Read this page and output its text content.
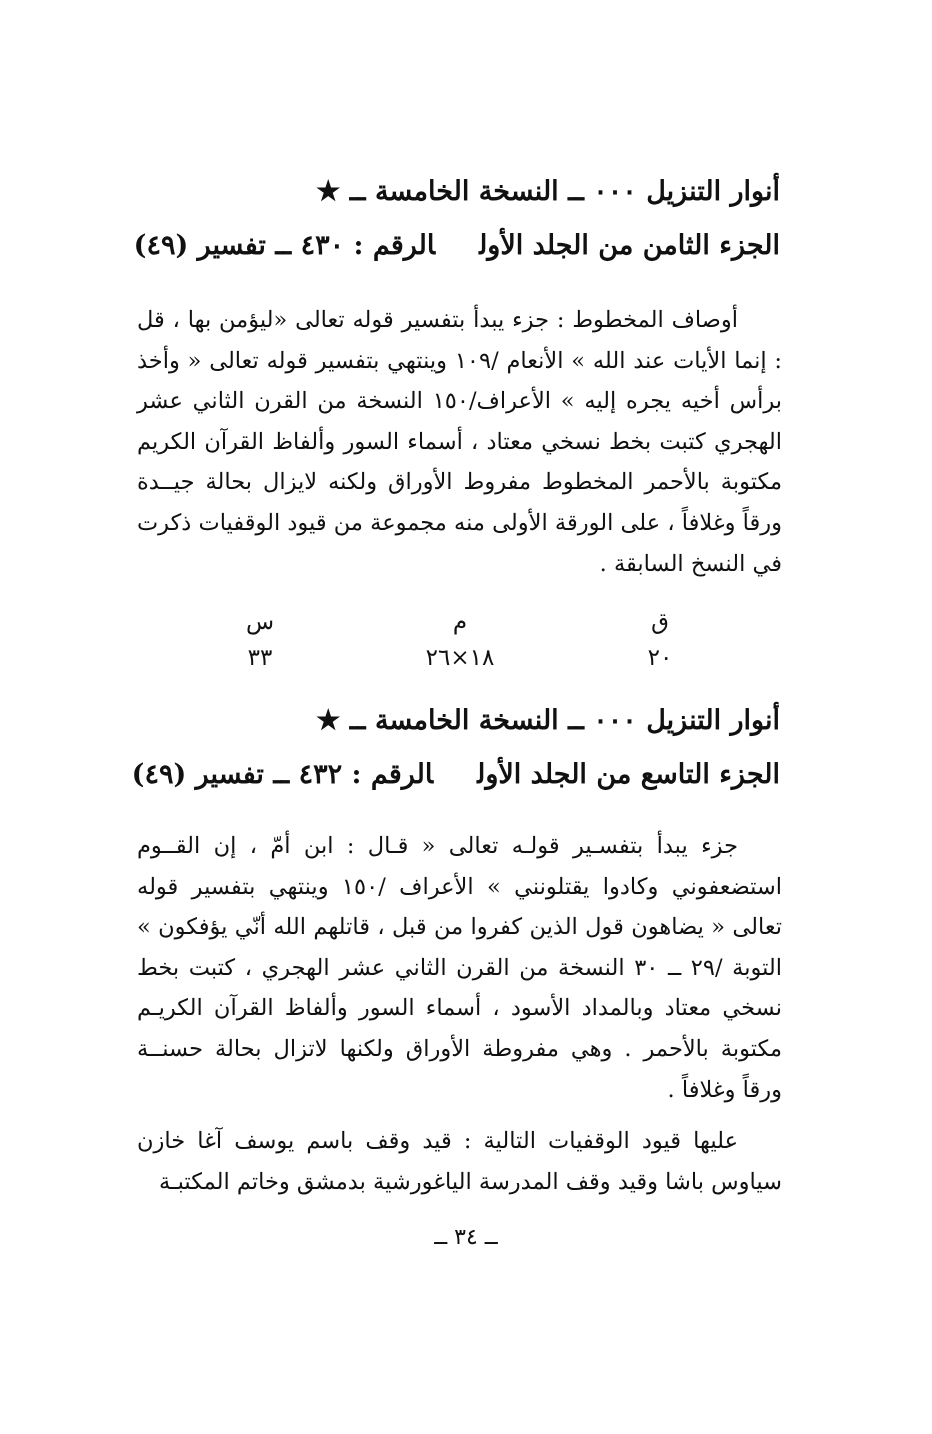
أنوار التنزيل ٠٠٠ ــ النسخة الخامسة ــ ★
الجزء الثامن من الجلد الأولالرقم : ٤٣٠ ــ تفسير (٤٩)
أوصاف المخطوط : جزء يبدأ بتفسير قوله تعالى «ليؤمن بها ، قل : إنما الأيات عند الله » الأنعام /١٠٩ وينتهي بتفسير قوله تعالى « وأخذ برأس أخيه يجره إليه » الأعراف/١٥٠ النسخة من القرن الثاني عشر الهجري كتبت بخط نسخي معتاد ، أسماء السور وألفاظ القرآن الكريم مكتوبة بالأحمر المخطوط مفروط الأوراق ولكنه لايزال بحالة جيــدة ورقاً وغلافاً ، على الورقة الأولى منه مجموعة من قيود الوقفيات ذكرت في النسخ السابقة .
ق
م
س
٢٠
١٨×٢٦
٣٣
أنوار التنزيل ٠٠٠ ــ النسخة الخامسة ــ ★
الجزء التاسع من الجلد الأولالرقم : ٤٣٢ ــ تفسير (٤٩)
جزء يبدأ بتفسـير قولـه تعالى « قـال : ابن أمّ ، إن القــوم استضعفوني وكادوا يقتلونني » الأعراف /١٥٠ وينتهي بتفسير قوله تعالى « يضاهون قول الذين كفروا من قبل ، قاتلهم الله أنّي يؤفكون » التوبة /٢٩ ــ ٣٠ النسخة من القرن الثاني عشر الهجري ، كتبت بخط نسخي معتاد وبالمداد الأسود ، أسماء السور وألفاظ القرآن الكريـم مكتوبة بالأحمر . وهي مفروطة الأوراق ولكنها لاتزال بحالة حسنــة ورقاً وغلافاً .
عليها قيود الوقفيات التالية : قيد وقف باسم يوسف آغا خازن سياوس باشا وقيد وقف المدرسة الياغورشية بدمشق وخاتم المكتبـة
ــ ٣٤ ــ
